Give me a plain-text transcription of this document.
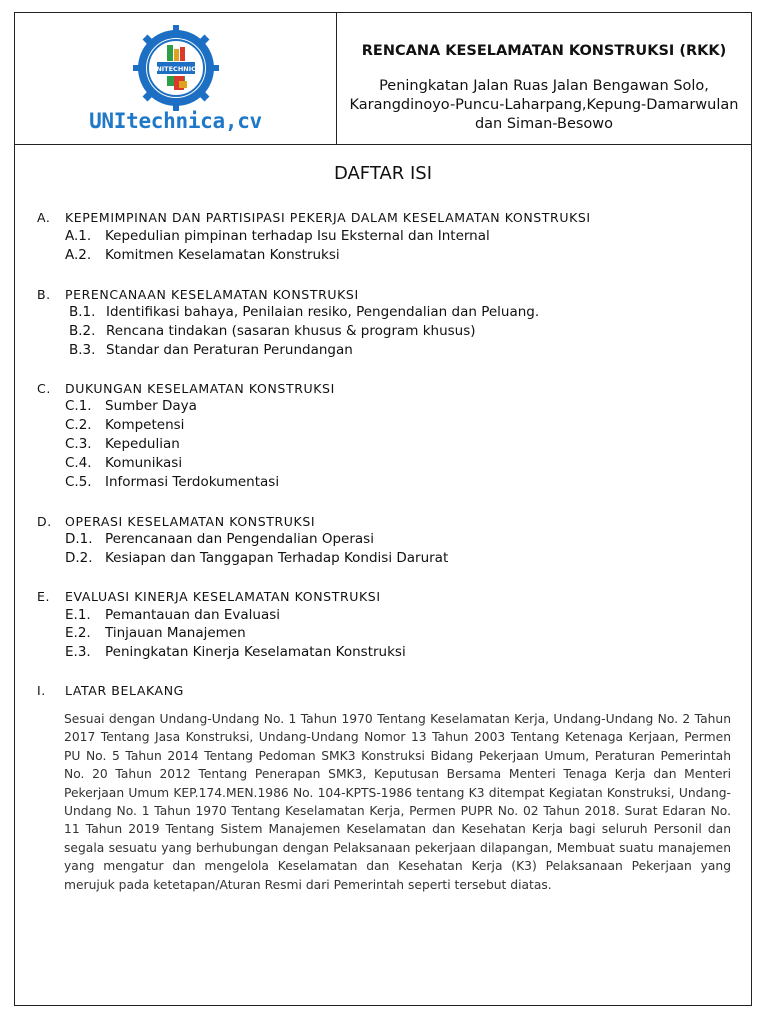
UNITECHNICA
UNItechnica,cv
RENCANA KESELAMATAN KONSTRUKSI (RKK)
Peningkatan Jalan Ruas Jalan Bengawan Solo, Karangdinoyo-Puncu-Laharpang,Kepung-Damarwulan dan Siman-Besowo
DAFTAR ISI
A. KEPEMIMPINAN DAN PARTISIPASI PEKERJA DALAM KESELAMATAN KONSTRUKSI
A.1. Kepedulian pimpinan terhadap Isu Eksternal dan Internal
A.2. Komitmen Keselamatan Konstruksi
B. PERENCANAAN KESELAMATAN KONSTRUKSI
B.1. Identifikasi bahaya, Penilaian resiko, Pengendalian dan Peluang.
B.2. Rencana tindakan (sasaran khusus & program khusus)
B.3. Standar dan Peraturan Perundangan
C. DUKUNGAN KESELAMATAN KONSTRUKSI
C.1. Sumber Daya
C.2. Kompetensi
C.3. Kepedulian
C.4. Komunikasi
C.5. Informasi Terdokumentasi
D. OPERASI KESELAMATAN KONSTRUKSI
D.1. Perencanaan dan Pengendalian Operasi
D.2. Kesiapan dan Tanggapan Terhadap Kondisi Darurat
E. EVALUASI KINERJA KESELAMATAN KONSTRUKSI
E.1. Pemantauan dan Evaluasi
E.2. Tinjauan Manajemen
E.3. Peningkatan Kinerja Keselamatan Konstruksi
I. LATAR BELAKANG
Sesuai dengan Undang-Undang No. 1 Tahun 1970 Tentang Keselamatan Kerja, Undang-Undang No. 2 Tahun 2017 Tentang Jasa Konstruksi, Undang-Undang Nomor 13 Tahun 2003 Tentang Ketenaga Kerjaan, Permen PU No. 5 Tahun 2014 Tentang Pedoman SMK3 Konstruksi Bidang Pekerjaan Umum, Peraturan Pemerintah No. 20 Tahun 2012 Tentang Penerapan SMK3, Keputusan Bersama Menteri Tenaga Kerja dan Menteri Pekerjaan Umum KEP.174.MEN.1986 No. 104-KPTS-1986 tentang K3 ditempat Kegiatan Konstruksi, Undang-Undang No. 1 Tahun 1970 Tentang Keselamatan Kerja, Permen PUPR No. 02 Tahun 2018. Surat Edaran No. 11 Tahun 2019 Tentang Sistem Manajemen Keselamatan dan Kesehatan Kerja bagi seluruh Personil dan segala sesuatu yang berhubungan dengan Pelaksanaan pekerjaan dilapangan, Membuat suatu manajemen yang mengatur dan mengelola Keselamatan dan Kesehatan Kerja (K3) Pelaksanaan Pekerjaan yang merujuk pada ketetapan/Aturan Resmi dari Pemerintah seperti tersebut diatas.
